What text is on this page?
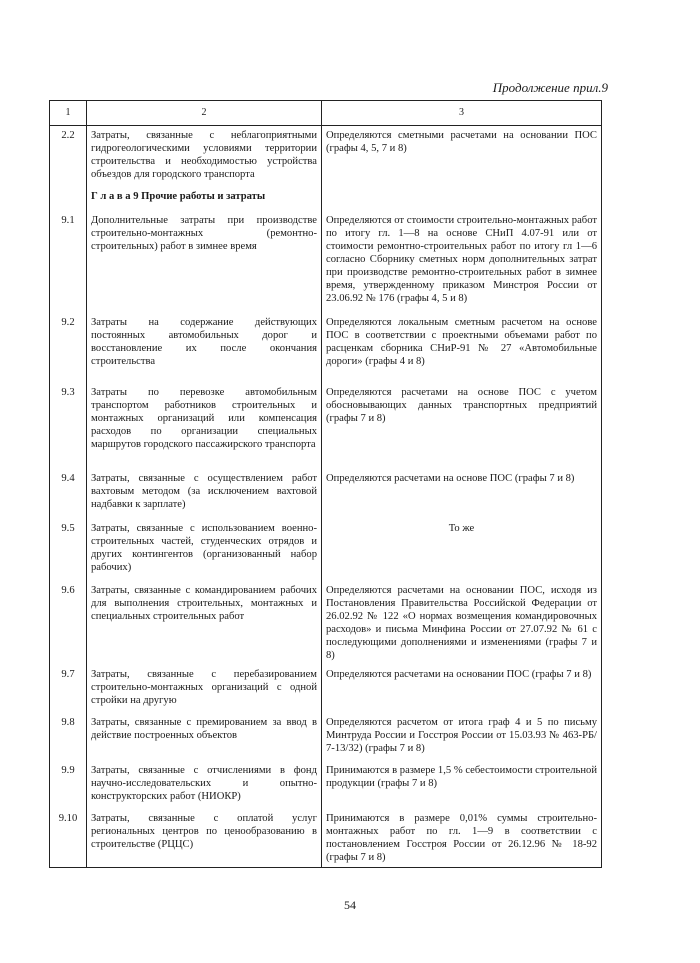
Продолжение прил.9
1	2	3
2.2	Затраты, связанные с неблагоприятными гидрогеологическими условиями территории строительства и необходимостью устройства объездов для городского транспорта	Определяются сметными расчетами на основании ПОС (графы 4, 5, 7 и 8)
	Г л а в а 9 Прочие работы и затраты	
9.1	Дополнительные затраты при производстве строительно-монтажных (ремонтно-строительных) работ в зимнее время	Определяются от стоимости строительно-монтажных работ по итогу гл. 1—8 на основе СНиП 4.07-91 или от стоимости ремонтно-строительных работ по итогу гл 1—6 согласно Сборнику сметных норм дополнительных затрат при производстве ремонтно-строительных работ в зимнее время, утвержденному приказом Минстроя России от 23.06.92 № 176 (графы 4, 5 и 8)
9.2	Затраты на содержание действующих постоянных автомобильных дорог и восстановление их после окончания строительства	Определяются локальным сметным расчетом на основе ПОС в соответствии с проектными объемами работ по расценкам сборника СНиР-91 № 27 «Автомобильные дороги» (графы 4 и 8)
9.3	Затраты по перевозке автомобильным транспортом работников строительных и монтажных организаций или компенсация расходов по организации специальных маршрутов городского пассажирского транспорта	Определяются расчетами на основе ПОС с учетом обосновывающих данных транспортных предприятий (графы 7 и 8)
9.4	Затраты, связанные с осуществлением работ вахтовым методом (за исключением вахтовой надбавки к зарплате)	Определяются расчетами на основе ПОС (графы 7 и 8)
9.5	Затраты, связанные с использованием военно-строительных частей, студенческих отрядов и других контингентов (организованный набор рабочих)	То же
9.6	Затраты, связанные с командированием рабочих для выполнения строительных, монтажных и специальных строительных работ	Определяются расчетами на основании ПОС, исходя из Постановления Правительства Российской Федерации от 26.02.92 № 122 «О нормах возмещения командировочных расходов» и письма Минфина России от 27.07.92 № 61 с последующими дополнениями и изменениями (графы 7 и 8)
9.7	Затраты, связанные с перебазированием строительно-монтажных организаций с одной стройки на другую	Определяются расчетами на основании ПОС (графы 7 и 8)
9.8	Затраты, связанные с премированием за ввод в действие построенных объектов	Определяются расчетом от итога граф 4 и 5 по письму Минтруда России и Госстроя России от 15.03.93 № 463-РБ/ 7-13/32) (графы 7 и 8)
9.9	Затраты, связанные с отчислениями в фонд научно-исследовательских и опытно-конструкторских работ (НИОКР)	Принимаются в размере 1,5 % себестоимости строительной продукции (графы 7 и 8)
9.10	Затраты, связанные с оплатой услуг региональных центров по ценообразованию в строительстве (РЦЦС)	Принимаются в размере 0,01% суммы строительно-монтажных работ по гл. 1—9 в соответствии с постановлением Госстроя России от 26.12.96 № 18-92 (графы 7 и 8)
54
